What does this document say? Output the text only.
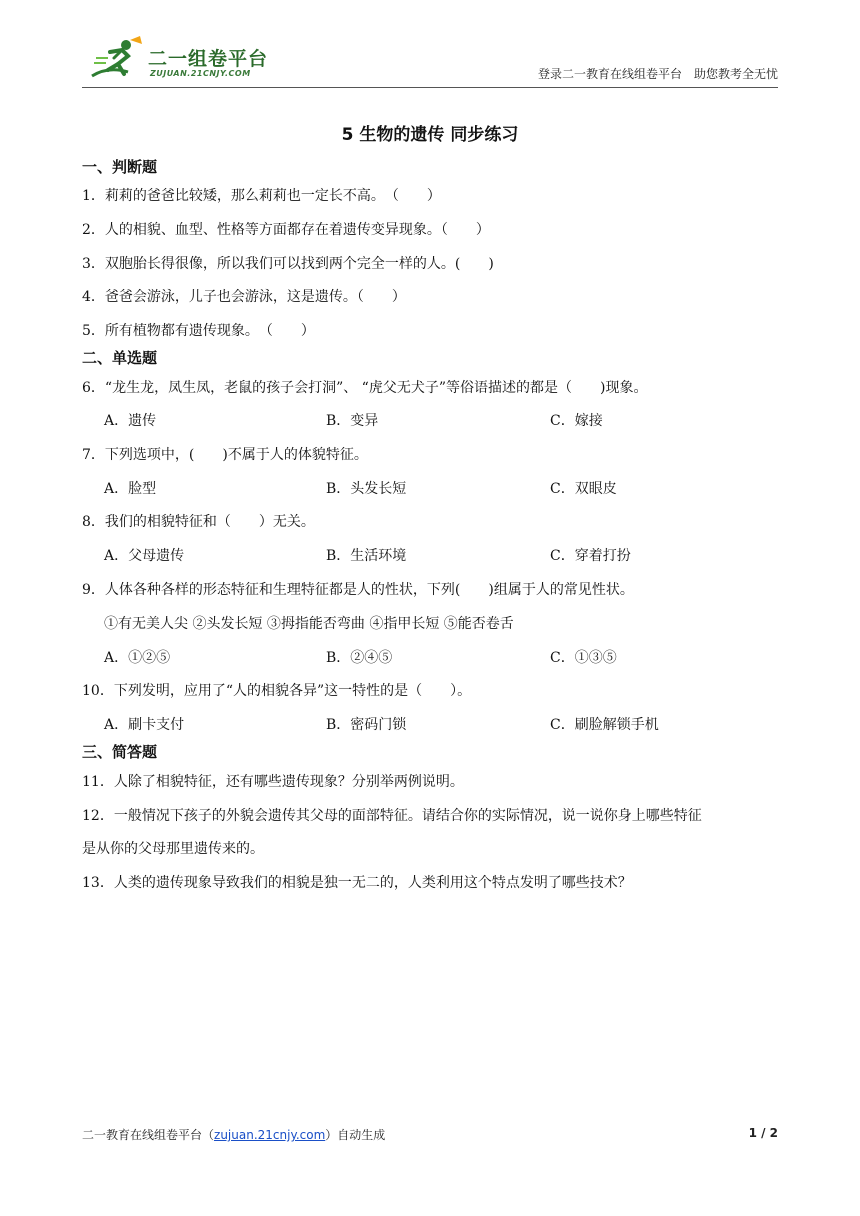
二一组卷平台
ZUJUAN.21CNJY.COM	登录二一教育在线组卷平台　助您教考全无忧
5 生物的遗传 同步练习
一、判断题
1．莉莉的爸爸比较矮，那么莉莉也一定长不高。　（　　）
2．人的相貌、血型、性格等方面都存在着遗传变异现象。（　　）
3．双胞胎长得很像，所以我们可以找到两个完全一样的人。(　　)
4．爸爸会游泳，儿子也会游泳，这是遗传。（　　）
5．所有植物都有遗传现象。　（　　）
二、单选题
6．“龙生龙，凤生凤，老鼠的孩子会打洞”、 “虎父无犬子”等俗语描述的都是（　　)现象。
A．遗传	B．变异	C．嫁接
7．下列选项中，(　　)不属于人的体貌特征。
A．脸型	B．头发长短	C．双眼皮
8．我们的相貌特征和（　　）无关。
A．父母遗传	B．生活环境	C．穿着打扮
9．人体各种各样的形态特征和生理特征都是人的性状，下列(　　)组属于人的常见性状。
①有无美人尖 ②头发长短 ③拇指能否弯曲 ④指甲长短 ⑤能否卷舌
A．①②⑤	B．②④⑤	C．①③⑤
10．下列发明，应用了“人的相貌各异”这一特性的是（　　）。
A．刷卡支付	B．密码门锁	C．刷脸解锁手机
三、简答题
11．人除了相貌特征，还有哪些遗传现象？分别举两例说明。
12．一般情况下孩子的外貌会遗传其父母的面部特征。请结合你的实际情况，说一说你身上哪些特征
是从你的父母那里遗传来的。
13．人类的遗传现象导致我们的相貌是独一无二的，人类利用这个特点发明了哪些技术？
二一教育在线组卷平台（zujuan.21cnjy.com）自动生成	1 / 2
